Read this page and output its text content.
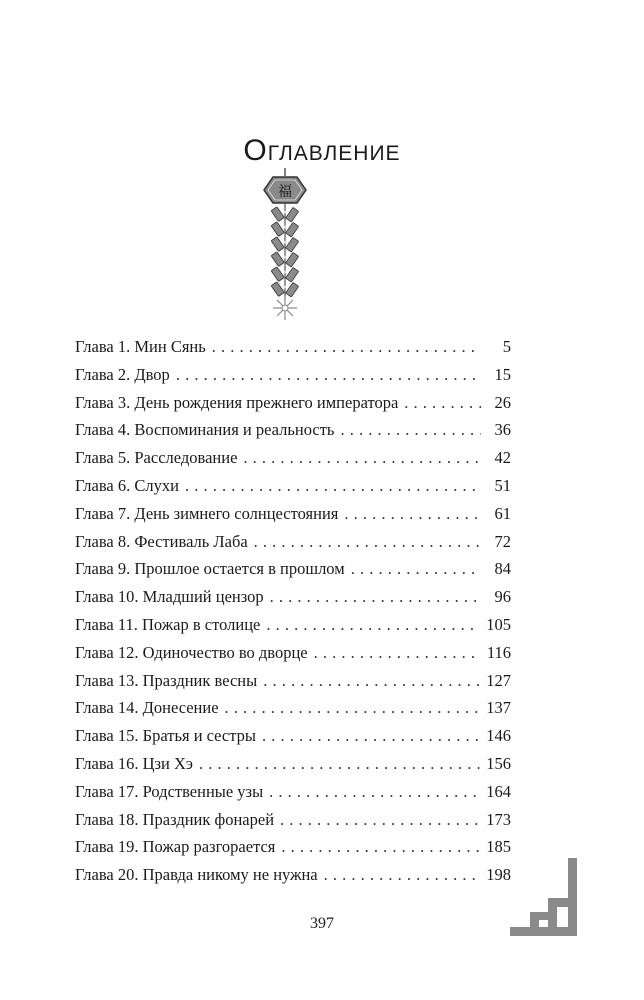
Оглавление
福
Глава 1. Мин Сянь . . .	5
Глава 2. Двор . . .	15
Глава 3. День рождения прежнего императора . . .	26
Глава 4. Воспоминания и реальность . . .	36
Глава 5. Расследование . . .	42
Глава 6. Слухи . . .	51
Глава 7. День зимнего солнцестояния . . .	61
Глава 8. Фестиваль Лаба . . .	72
Глава 9. Прошлое остается в прошлом . . .	84
Глава 10. Младший цензор . . .	96
Глава 11. Пожар в столице . . .	105
Глава 12. Одиночество во дворце . . .	116
Глава 13. Праздник весны . . .	127
Глава 14. Донесение . . .	137
Глава 15. Братья и сестры . . .	146
Глава 16. Цзи Хэ . . .	156
Глава 17. Родственные узы . . .	164
Глава 18. Праздник фонарей . . .	173
Глава 19. Пожар разгорается . . .	185
Глава 20. Правда никому не нужна . . .	198
397
